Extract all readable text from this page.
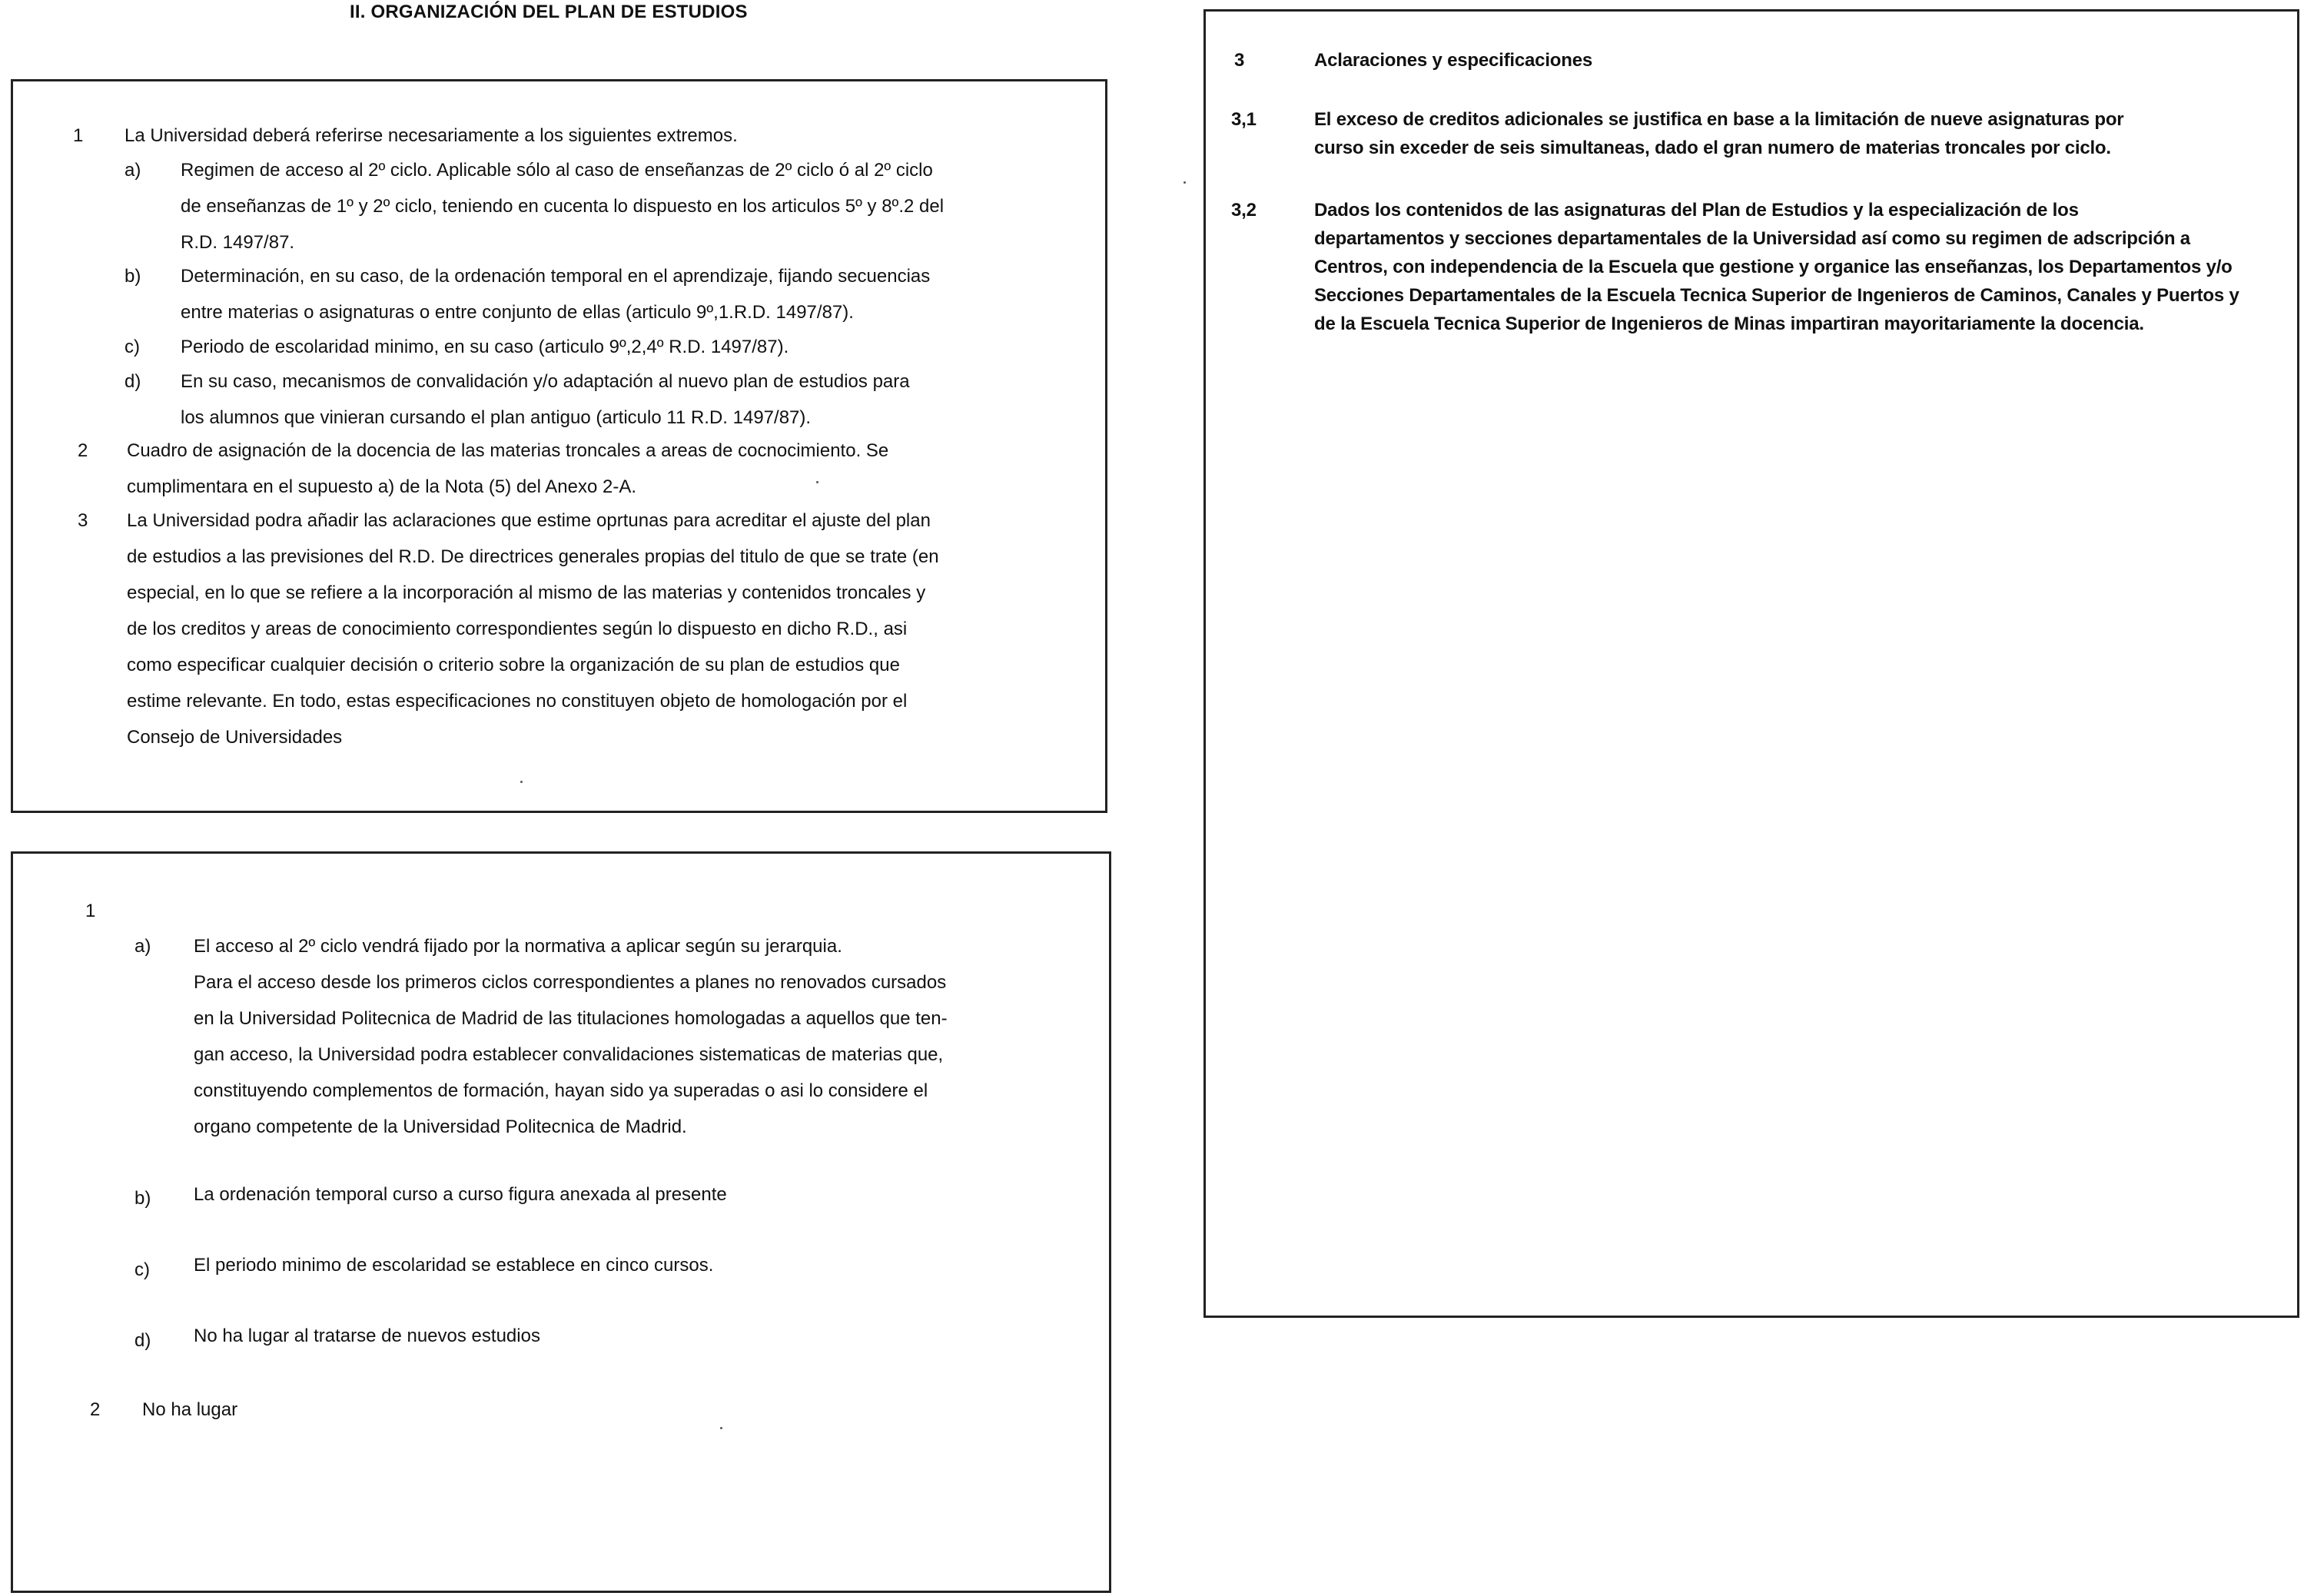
II. ORGANIZACIÓN DEL PLAN DE ESTUDIOS
1 La Universidad deberá referirse necesariamente a los siguientes extremos.
a) Regimen de acceso al 2º ciclo. Aplicable sólo al caso de enseñanzas de 2º ciclo ó al 2º ciclo
de enseñanzas de 1º y 2º ciclo, teniendo en cucenta lo dispuesto en los articulos 5º y 8º.2 del
R.D. 1497/87.
b) Determinación, en su caso, de la ordenación temporal en el aprendizaje, fijando secuencias
entre materias o asignaturas o entre conjunto de ellas (articulo 9º,1.R.D. 1497/87).
c) Periodo de escolaridad minimo, en su caso (articulo 9º,2,4º R.D. 1497/87).
d) En su caso, mecanismos de convalidación y/o adaptación al nuevo plan de estudios para
los alumnos que vinieran cursando el plan antiguo (articulo 11 R.D. 1497/87).
2 Cuadro de asignación de la docencia de las materias troncales a areas de cocnocimiento. Se
cumplimentara en el supuesto a) de la Nota (5) del Anexo 2-A.
3 La Universidad podra añadir las aclaraciones que estime oprtunas para acreditar el ajuste del plan
de estudios a las previsiones del R.D. De directrices generales propias del titulo de que se trate (en
especial, en lo que se refiere a la incorporación al mismo de las materias y contenidos troncales y
de los creditos y areas de conocimiento correspondientes según lo dispuesto en dicho R.D., asi
como especificar cualquier decisión o criterio sobre la organización de su plan de estudios que
estime relevante. En todo, estas especificaciones no constituyen objeto de homologación por el
Consejo de Universidades
1
a) El acceso al 2º ciclo vendrá fijado por la normativa a aplicar según su jerarquia.
Para el acceso desde los primeros ciclos correspondientes a planes no renovados cursados
en la Universidad Politecnica de Madrid de las titulaciones homologadas a aquellos que ten-
gan acceso, la Universidad podra establecer convalidaciones sistematicas de materias que,
constituyendo complementos de formación, hayan sido ya superadas o asi lo considere el
organo competente de la Universidad Politecnica de Madrid.
b) La ordenación temporal curso a curso figura anexada al presente
c) El periodo minimo de escolaridad se establece en cinco cursos.
d) No ha lugar al tratarse de nuevos estudios
2 No ha lugar
3	Aclaraciones y especificaciones
3,1	El exceso de creditos adicionales se justifica en base a la limitación de nueve asignaturas por
curso sin exceder de seis simultaneas, dado el gran numero de materias troncales por ciclo.
3,2	Dados los contenidos de las asignaturas del Plan de Estudios y la especialización de los
departamentos y secciones departamentales de la Universidad así como su regimen de adscripción a
Centros, con independencia de la Escuela que gestione y organice las enseñanzas, los Departamentos y/o
Secciones Departamentales de la Escuela Tecnica Superior de Ingenieros de Caminos, Canales y Puertos y
de la Escuela Tecnica Superior de Ingenieros de Minas impartiran mayoritariamente la docencia.
